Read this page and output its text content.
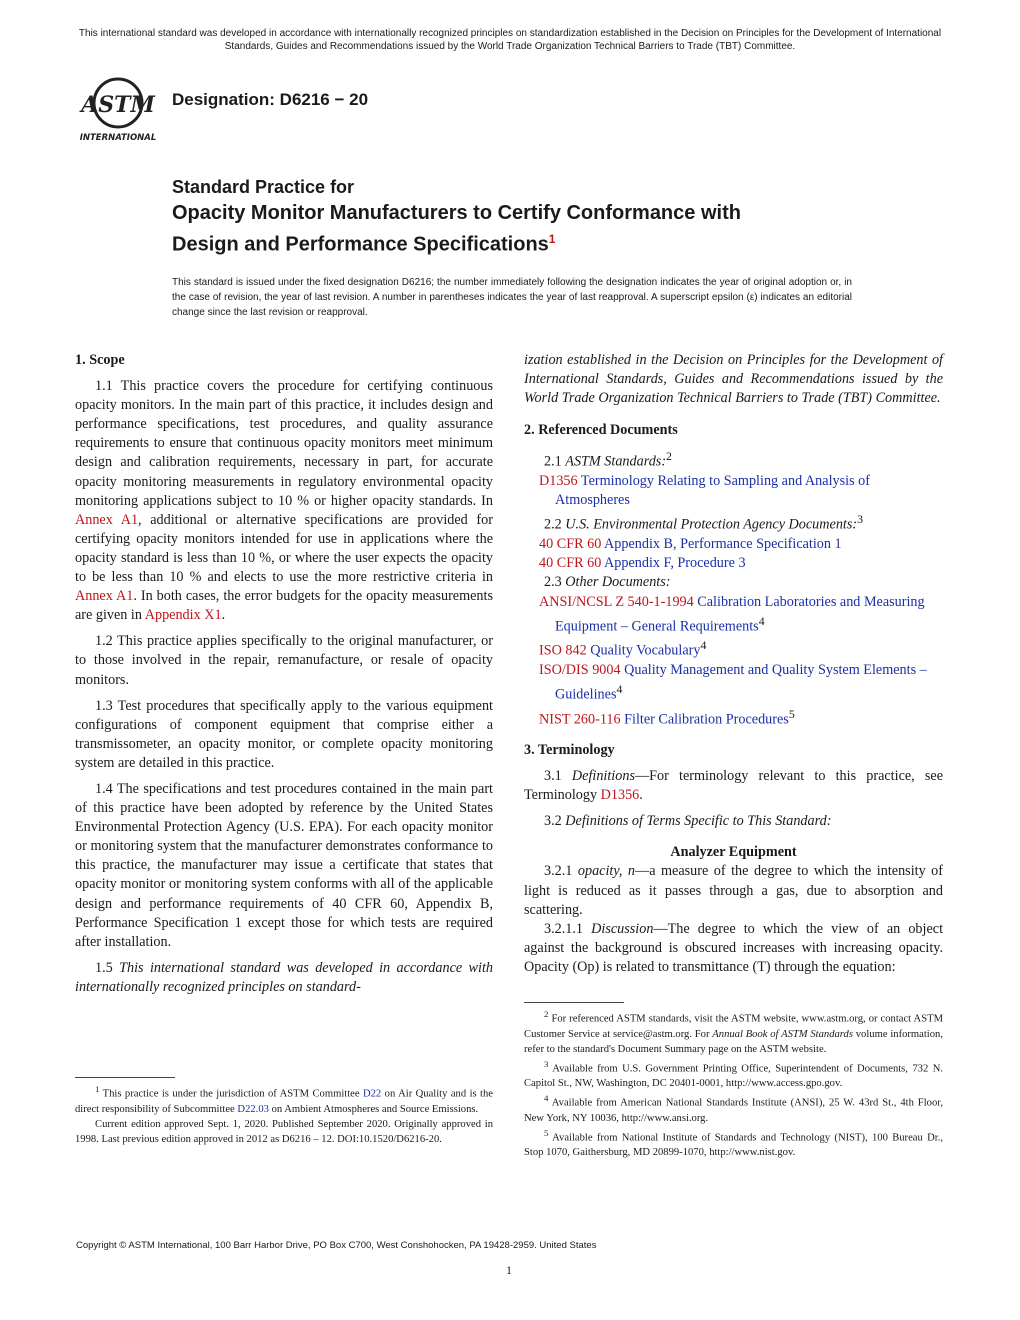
This international standard was developed in accordance with internationally recognized principles on standardization established in the Decision on Principles for the Development of International Standards, Guides and Recommendations issued by the World Trade Organization Technical Barriers to Trade (TBT) Committee.
ASTM
INTERNATIONAL
Designation: D6216 − 20
Standard Practice for
Opacity Monitor Manufacturers to Certify Conformance with
Design and Performance Specifications$^1$
This standard is issued under the fixed designation D6216; the number immediately following the designation indicates the year of original adoption or, in the case of revision, the year of last revision. A number in parentheses indicates the year of last reapproval. A superscript epsilon (ε) indicates an editorial change since the last revision or reapproval.

1. Scope

1.1 This practice covers the procedure for certifying continuous opacity monitors. In the main part of this practice, it includes design and performance specifications, test procedures, and quality assurance requirements to ensure that continuous opacity monitors meet minimum design and calibration requirements, necessary in part, for accurate opacity monitoring measurements in regulatory environmental opacity monitoring applications subject to 10 % or higher opacity standards. In Annex A1, additional or alternative specifications are provided for certifying opacity monitors intended for use in applications where the opacity standard is less than 10 %, or where the user expects the opacity to be less than 10 % and elects to use the more restrictive criteria in Annex A1. In both cases, the error budgets for the opacity measurements are given in Appendix X1.

1.2 This practice applies specifically to the original manufacturer, or to those involved in the repair, remanufacture, or resale of opacity monitors.

1.3 Test procedures that specifically apply to the various equipment configurations of component equipment that comprise either a transmissometer, an opacity monitor, or complete opacity monitoring system are detailed in this practice.

1.4 The specifications and test procedures contained in the main part of this practice have been adopted by reference by the United States Environmental Protection Agency (U.S. EPA). For each opacity monitor or monitoring system that the manufacturer demonstrates conformance to this practice, the manufacturer may issue a certificate that states that opacity monitor or monitoring system conforms with all of the applicable design and performance requirements of 40 CFR 60, Appendix B, Performance Specification 1 except those for which tests are required after installation.

1.5 This international standard was developed in accordance with internationally recognized principles on standard-

$^1$ This practice is under the jurisdiction of ASTM Committee D22 on Air Quality and is the direct responsibility of Subcommittee D22.03 on Ambient Atmospheres and Source Emissions.

Current edition approved Sept. 1, 2020. Published September 2020. Originally approved in 1998. Last previous edition approved in 2012 as D6216 – 12. DOI:10.1520/D6216-20.

ization established in the Decision on Principles for the Development of International Standards, Guides and Recommendations issued by the World Trade Organization Technical Barriers to Trade (TBT) Committee.

2. Referenced Documents

2.1 ASTM Standards:$^2$

D1356 Terminology Relating to Sampling and Analysis of Atmospheres

2.2 U.S. Environmental Protection Agency Documents:$^3$

40 CFR 60 Appendix B, Performance Specification 1

40 CFR 60 Appendix F, Procedure 3

2.3 Other Documents:

ANSI/NCSL Z 540-1-1994 Calibration Laboratories and Measuring Equipment – General Requirements$^4$

ISO 842 Quality Vocabulary$^4$

ISO/DIS 9004 Quality Management and Quality System Elements – Guidelines$^4$

NIST 260-116 Filter Calibration Procedures$^5$

3. Terminology

3.1 Definitions—For terminology relevant to this practice, see Terminology D1356.

3.2 Definitions of Terms Specific to This Standard:

Analyzer Equipment

3.2.1 opacity, n—a measure of the degree to which the intensity of light is reduced as it passes through a gas, due to absorption and scattering.

3.2.1.1 Discussion—The degree to which the view of an object against the background is obscured increases with increasing opacity. Opacity (Op) is related to transmittance (T) through the equation:

$^2$ For referenced ASTM standards, visit the ASTM website, www.astm.org, or contact ASTM Customer Service at service@astm.org. For Annual Book of ASTM Standards volume information, refer to the standard's Document Summary page on the ASTM website.

$^3$ Available from U.S. Government Printing Office, Superintendent of Documents, 732 N. Capitol St., NW, Washington, DC 20401-0001, http://www.access.gpo.gov.

$^4$ Available from American National Standards Institute (ANSI), 25 W. 43rd St., 4th Floor, New York, NY 10036, http://www.ansi.org.

$^5$ Available from National Institute of Standards and Technology (NIST), 100 Bureau Dr., Stop 1070, Gaithersburg, MD 20899-1070, http://www.nist.gov.

Copyright © ASTM International, 100 Barr Harbor Drive, PO Box C700, West Conshohocken, PA 19428-2959. United States
1
